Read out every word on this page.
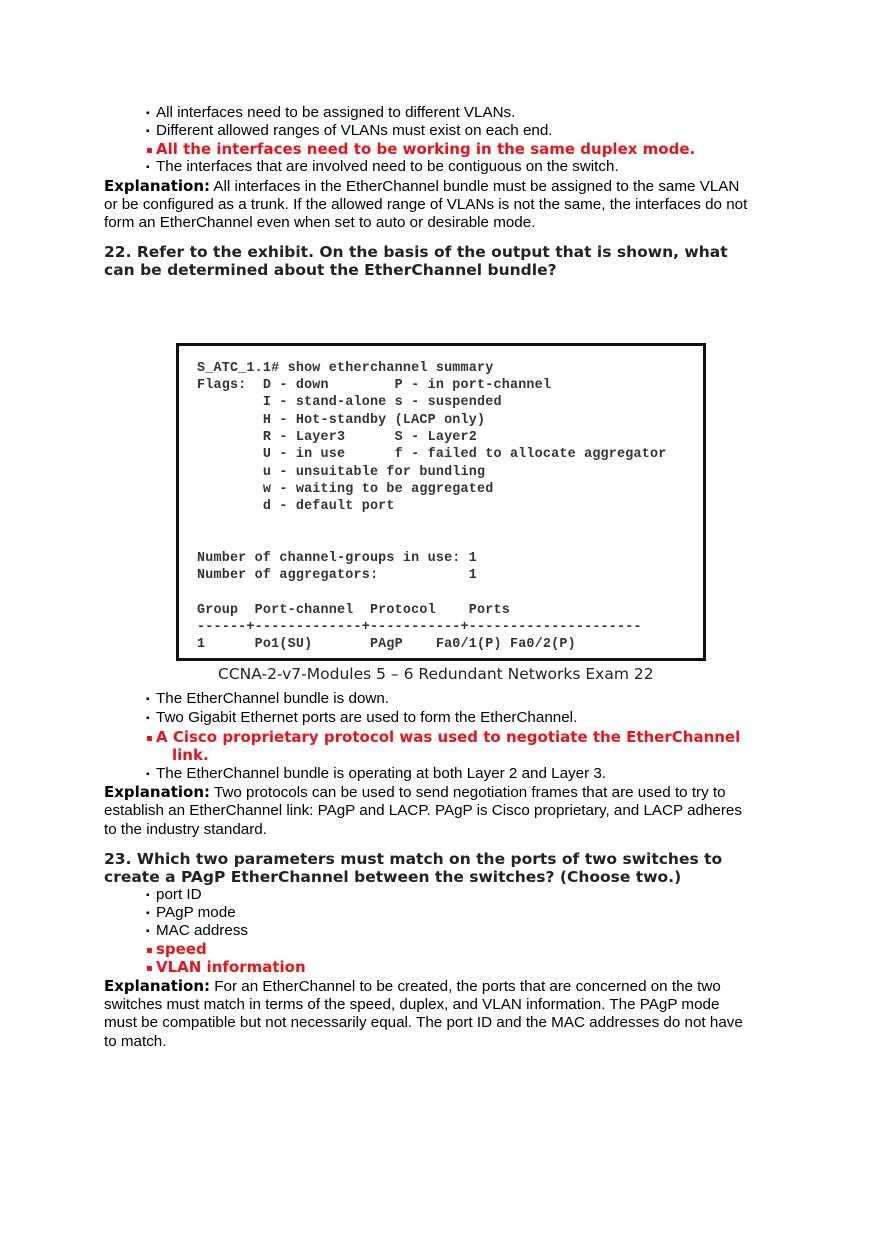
▪ All interfaces need to be assigned to different VLANs.
▪ Different allowed ranges of VLANs must exist on each end.
▪ All the interfaces need to be working in the same duplex mode.
▪ The interfaces that are involved need to be contiguous on the switch.
Explanation: All interfaces in the EtherChannel bundle must be assigned to the same VLAN
or be configured as a trunk. If the allowed range of VLANs is not the same, the interfaces do not
form an EtherChannel even when set to auto or desirable mode.
22. Refer to the exhibit. On the basis of the output that is shown, what
can be determined about the EtherChannel bundle?
S_ATC_1.1# show etherchannel summary
Flags:  D - down        P - in port-channel
I - stand-alone s - suspended
H - Hot-standby (LACP only)
R - Layer3      S - Layer2
U - in use      f - failed to allocate aggregator
u - unsuitable for bundling
w - waiting to be aggregated
d - default port
Number of channel-groups in use: 1
Number of aggregators:           1
Group  Port-channel  Protocol    Ports
------+-------------+-----------+---------------------
1      Po1(SU)       PAgP    Fa0/1(P) Fa0/2(P)
CCNA-2-v7-Modules 5 – 6 Redundant Networks Exam 22
▪ The EtherChannel bundle is down.
▪ Two Gigabit Ethernet ports are used to form the EtherChannel.
▪ A Cisco proprietary protocol was used to negotiate the EtherChannel
link.
▪ The EtherChannel bundle is operating at both Layer 2 and Layer 3.
Explanation: Two protocols can be used to send negotiation frames that are used to try to
establish an EtherChannel link: PAgP and LACP. PAgP is Cisco proprietary, and LACP adheres
to the industry standard.
23. Which two parameters must match on the ports of two switches to
create a PAgP EtherChannel between the switches? (Choose two.)
▪ port ID
▪ PAgP mode
▪ MAC address
▪ speed
▪ VLAN information
Explanation: For an EtherChannel to be created, the ports that are concerned on the two
switches must match in terms of the speed, duplex, and VLAN information. The PAgP mode
must be compatible but not necessarily equal. The port ID and the MAC addresses do not have
to match.
